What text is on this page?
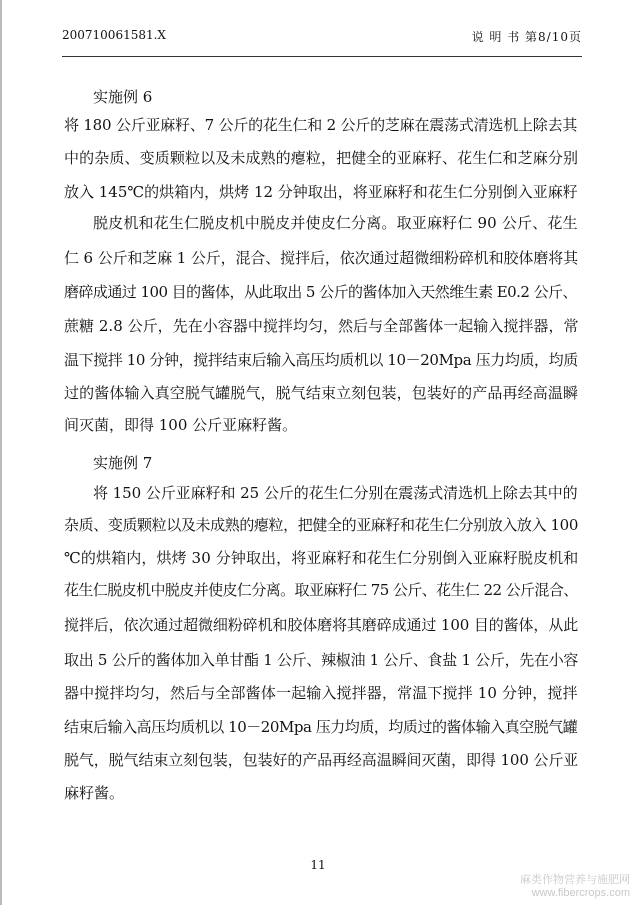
200710061581.X	说 明 书 第8/10页
实施例 6
将 180 公斤亚麻籽、7 公斤的花生仁和 2 公斤的芝麻在震荡式清选机上除去其
中的杂质、变质颗粒以及未成熟的瘪粒，把健全的亚麻籽、花生仁和芝麻分别
放入 145℃的烘箱内，烘烤 12 分钟取出，将亚麻籽和花生仁分别倒入亚麻籽
脱皮机和花生仁脱皮机中脱皮并使皮仁分离。取亚麻籽仁 90 公斤、花生
仁 6 公斤和芝麻 1 公斤，混合、搅拌后，依次通过超微细粉碎机和胶体磨将其
磨碎成通过 100 目的酱体，从此取出 5 公斤的酱体加入天然维生素 E0.2 公斤、
蔗糖 2.8 公斤，先在小容器中搅拌均匀，然后与全部酱体一起输入搅拌器，常
温下搅拌 10 分钟，搅拌结束后输入高压均质机以 10－20Mpa 压力均质，均质
过的酱体输入真空脱气罐脱气，脱气结束立刻包装，包装好的产品再经高温瞬
间灭菌，即得 100 公斤亚麻籽酱。
实施例 7
将 150 公斤亚麻籽和 25 公斤的花生仁分别在震荡式清选机上除去其中的
杂质、变质颗粒以及未成熟的瘪粒，把健全的亚麻籽和花生仁分别放入放入 100
℃的烘箱内，烘烤 30 分钟取出，将亚麻籽和花生仁分别倒入亚麻籽脱皮机和
花生仁脱皮机中脱皮并使皮仁分离。取亚麻籽仁 75 公斤、花生仁 22 公斤混合、
搅拌后，依次通过超微细粉碎机和胶体磨将其磨碎成通过 100 目的酱体，从此
取出 5 公斤的酱体加入单甘酯 1 公斤、辣椒油 1 公斤、食盐 1 公斤，先在小容
器中搅拌均匀，然后与全部酱体一起输入搅拌器，常温下搅拌 10 分钟，搅拌
结束后输入高压均质机以 10－20Mpa 压力均质，均质过的酱体输入真空脱气罐
脱气，脱气结束立刻包装，包装好的产品再经高温瞬间灭菌，即得 100 公斤亚
麻籽酱。
11
麻类作物营养与施肥网
www.fibercrops.com
